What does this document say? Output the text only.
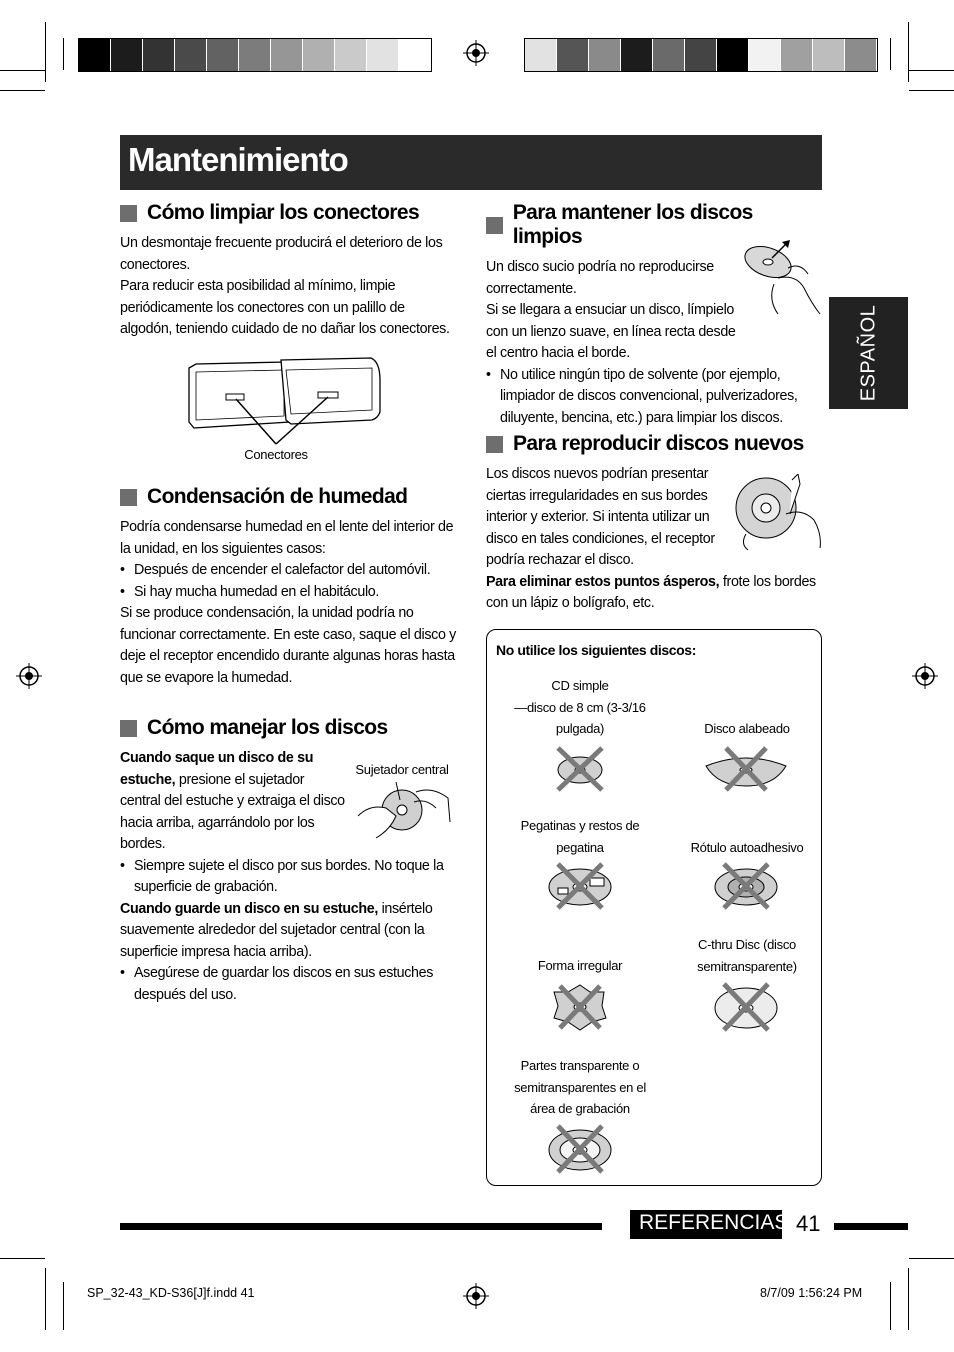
Mantenimiento
ESPAÑOL
Cómo limpiar los conectores

Un desmontaje frecuente producirá el deterioro de los conectores.

Para reducir esta posibilidad al mínimo, limpie periódicamente los conectores con un palillo de algodón, teniendo cuidado de no dañar los conectores.

Conectores
Condensación de humedad

Podría condensarse humedad en el lente del interior de la unidad, en los siguientes casos:

• Después de encender el calefactor del automóvil.

• Si hay mucha humedad en el habitáculo.

Si se produce condensación, la unidad podría no funcionar correctamente. En este caso, saque el disco y deje el receptor encendido durante algunas horas hasta que se evapore la humedad.

Cómo manejar los discos

Cuando saque un disco de su estuche, presione el sujetador central del estuche y extraiga el disco hacia arriba, agarrándolo por los bordes.

• Siempre sujete el disco por sus bordes. No toque la superficie de grabación.

Cuando guarde un disco en su estuche, insértelo suavemente alrededor del sujetador central (con la superficie impresa hacia arriba).

• Asegúrese de guardar los discos en sus estuches después del uso.

Sujetador central
Para mantener los discos limpios

Un disco sucio podría no reproducirse correctamente.

Si se llegara a ensuciar un disco, límpielo con un lienzo suave, en línea recta desde el centro hacia el borde.

• No utilice ningún tipo de solvente (por ejemplo, limpiador de discos convencional, pulverizadores, diluyente, bencina, etc.) para limpiar los discos.

Para reproducir discos nuevos

Los discos nuevos podrían presentar ciertas irregularidades en sus bordes interior y exterior. Si intenta utilizar un disco en tales condiciones, el receptor podría rechazar el disco.

Para eliminar estos puntos ásperos, frote los bordes con un lápiz o bolígrafo, etc.

No utilice los siguientes discos:
CD simple
—disco de 8 cm (3-3/16
pulgada)	Disco alabeado
Pegatinas y restos de
pegatina	Rótulo autoadhesivo
Forma irregular
C-thru Disc (disco
semitransparente)
Partes transparente o
semitransparentes en el
área de grabación
REFERENCIAS 41
SP_32-43_KD-S36[J]f.indd 41	8/7/09 1:56:24 PM
